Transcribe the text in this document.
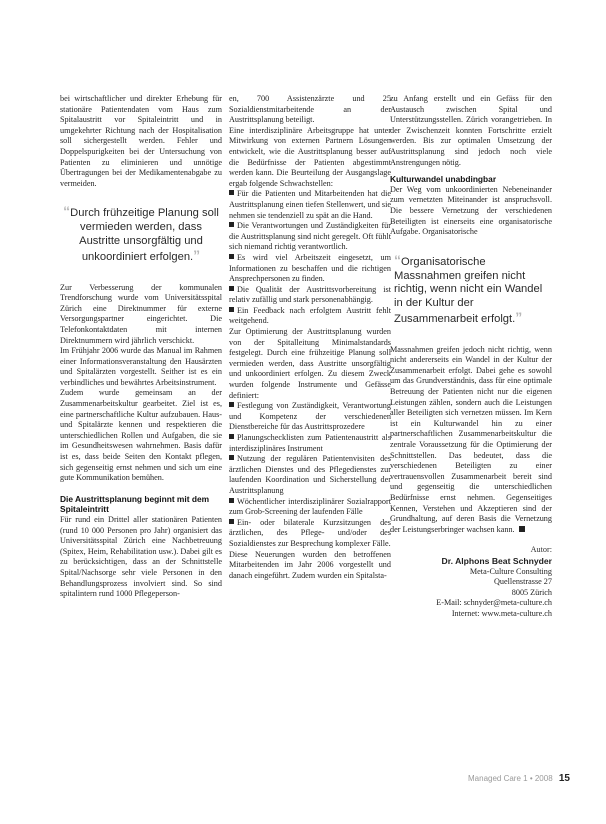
bei wirtschaftlicher und direkter Erhebung für stationäre Patientendaten vom Haus zum Spitalaustritt vor Spitaleintritt und in umgekehrter Richtung nach der Hospitalisation soll sichergestellt werden. Fehler und Doppelspurigkeiten bei der Untersuchung von Patienten zu eliminieren und unnötige Übertragungen bei der Medikamentenabgabe zu vermeiden.

“Durch frühzeitige Planung soll vermieden werden, dass Austritte unsorgfältig und unkoordiniert erfolgen.”

Zur Verbesserung der kommunalen Trendforschung wurde vom Universitätsspital Zürich eine Direktnummer für externe Versorgungspartner eingerichtet. Die Telefonkontaktdaten mit internen Direktnummern wird jährlich verschickt.

Im Frühjahr 2006 wurde das Manual im Rahmen einer Informationsveranstaltung den Hausärzten und Spitalärzten vorgestellt. Seither ist es ein verbindliches und bewährtes Arbeitsinstrument.

Zudem wurde gemeinsam an der Zusammenarbeitskultur gearbeitet. Ziel ist es, eine partnerschaftliche Kultur aufzubauen. Haus- und Spitalärzte kennen und respektieren die unterschiedlichen Rollen und Aufgaben, die sie im Gesundheitswesen wahrnehmen. Basis dafür ist es, dass beide Seiten den Kontakt pflegen, sich gegenseitig ernst nehmen und sich um eine gute Kommunikation bemühen.

Die Austrittsplanung beginnt mit dem Spitaleintritt

Für rund ein Drittel aller stationären Patienten (rund 10 000 Personen pro Jahr) organisiert das Universitätsspital Zürich eine Nachbetreuung (Spitex, Heim, Rehabilitation usw.). Dabei gilt es zu berücksichtigen, dass an der Schnittstelle Spital/Nachsorge sehr viele Personen in den Behandlungsprozess involviert sind. So sind spitalintern rund 1000 Pflegeperson-

en, 700 Assistenzärzte und 25 Sozialdienstmitarbeitende an der Austrittsplanung beteiligt.

Eine interdisziplinäre Arbeitsgruppe hat unter Mitwirkung von externen Partnern Lösungen entwickelt, wie die Austrittsplanung besser auf die Bedürfnisse der Patienten abgestimmt werden kann. Die Beurteilung der Ausgangslage ergab folgende Schwachstellen:

Für die Patienten und Mitarbeitenden hat die Austrittsplanung einen tiefen Stellenwert, und sie nehmen sie tendenziell zu spät an die Hand.

Die Verantwortungen und Zuständigkeiten für die Austrittsplanung sind nicht geregelt. Oft fühlt sich niemand richtig verantwortlich.

Es wird viel Arbeitszeit eingesetzt, um Informationen zu beschaffen und die richtigen Ansprechpersonen zu finden.

Die Qualität der Austrittsvorbereitung ist relativ zufällig und stark personenabhängig.

Ein Feedback nach erfolgtem Austritt fehlt weitgehend.

Zur Optimierung der Austrittsplanung wurden von der Spitalleitung Minimalstandards festgelegt. Durch eine frühzeitige Planung soll vermieden werden, dass Austritte unsorgfältig und unkoordiniert erfolgen. Zu diesem Zweck wurden folgende Instrumente und Gefässe definiert:

Festlegung von Zuständigkeit, Verantwortung und Kompetenz der verschiedenen Dienstbereiche für das Austrittsprozedere

Planungschecklisten zum Patientenaustritt als interdisziplinäres Instrument

Nutzung der regulären Patientenvisiten des ärztlichen Dienstes und des Pflegedienstes zur laufenden Koordination und Sicherstellung der Austrittsplanung

Wöchentlicher interdisziplinärer Sozialrapport zum Grob-Screening der laufenden Fälle

Ein- oder bilaterale Kurzsitzungen des ärztlichen, des Pflege- und/oder des Sozialdienstes zur Besprechung komplexer Fälle.

Diese Neuerungen wurden den betroffenen Mitarbeitenden im Jahr 2006 vorgestellt und danach eingeführt. Zudem wurden ein Spitalsta-

zu Anfang erstellt und ein Gefäss für den Austausch zwischen Spital und Unterstützungsstellen. Zürich vorangetrieben. In der Zwischenzeit konnten Fortschritte erzielt werden. Bis zur optimalen Umsetzung der Austrittsplanung sind jedoch noch viele Anstrengungen nötig.

Kulturwandel unabdingbar

Der Weg vom unkoordinierten Nebeneinander zum vernetzten Miteinander ist anspruchsvoll. Die bessere Vernetzung der verschiedenen Beteiligten ist einerseits eine organisatorische Aufgabe. Organisatorische

“Organisatorische Massnahmen greifen nicht richtig, wenn nicht ein Wandel in der Kultur der Zusammenarbeit erfolgt.”

Massnahmen greifen jedoch nicht richtig, wenn nicht andererseits ein Wandel in der Kultur der Zusammenarbeit erfolgt. Dabei gehe es sowohl um das Grundverständnis, dass für eine optimale Betreuung der Patienten nicht nur die eigenen Leistungen zählen, sondern auch die Leistungen aller Beteiligten sich vernetzen müssen. Im Kern ist ein Kulturwandel hin zu einer partnerschaftlichen Zusammenarbeitskultur die zentrale Voraussetzung für die Optimierung der Schnittstellen. Das bedeutet, dass die verschiedenen Beteiligten zu einer vertrauensvollen Zusammenarbeit bereit sind und gegenseitig die unterschiedlichen Bedürfnisse ernst nehmen. Gegenseitiges Kennen, Verstehen und Akzeptieren sind der Grundhaltung, auf deren Basis die Vernetzung der Leistungserbringer wachsen kann.

Autor:
Dr. Alphons Beat Schnyder
Meta-Culture Consulting
Quellenstrasse 27
8005 Zürich
E-Mail: schnyder@meta-culture.ch
Internet: www.meta-culture.ch
Managed Care 1 • 2008 15
